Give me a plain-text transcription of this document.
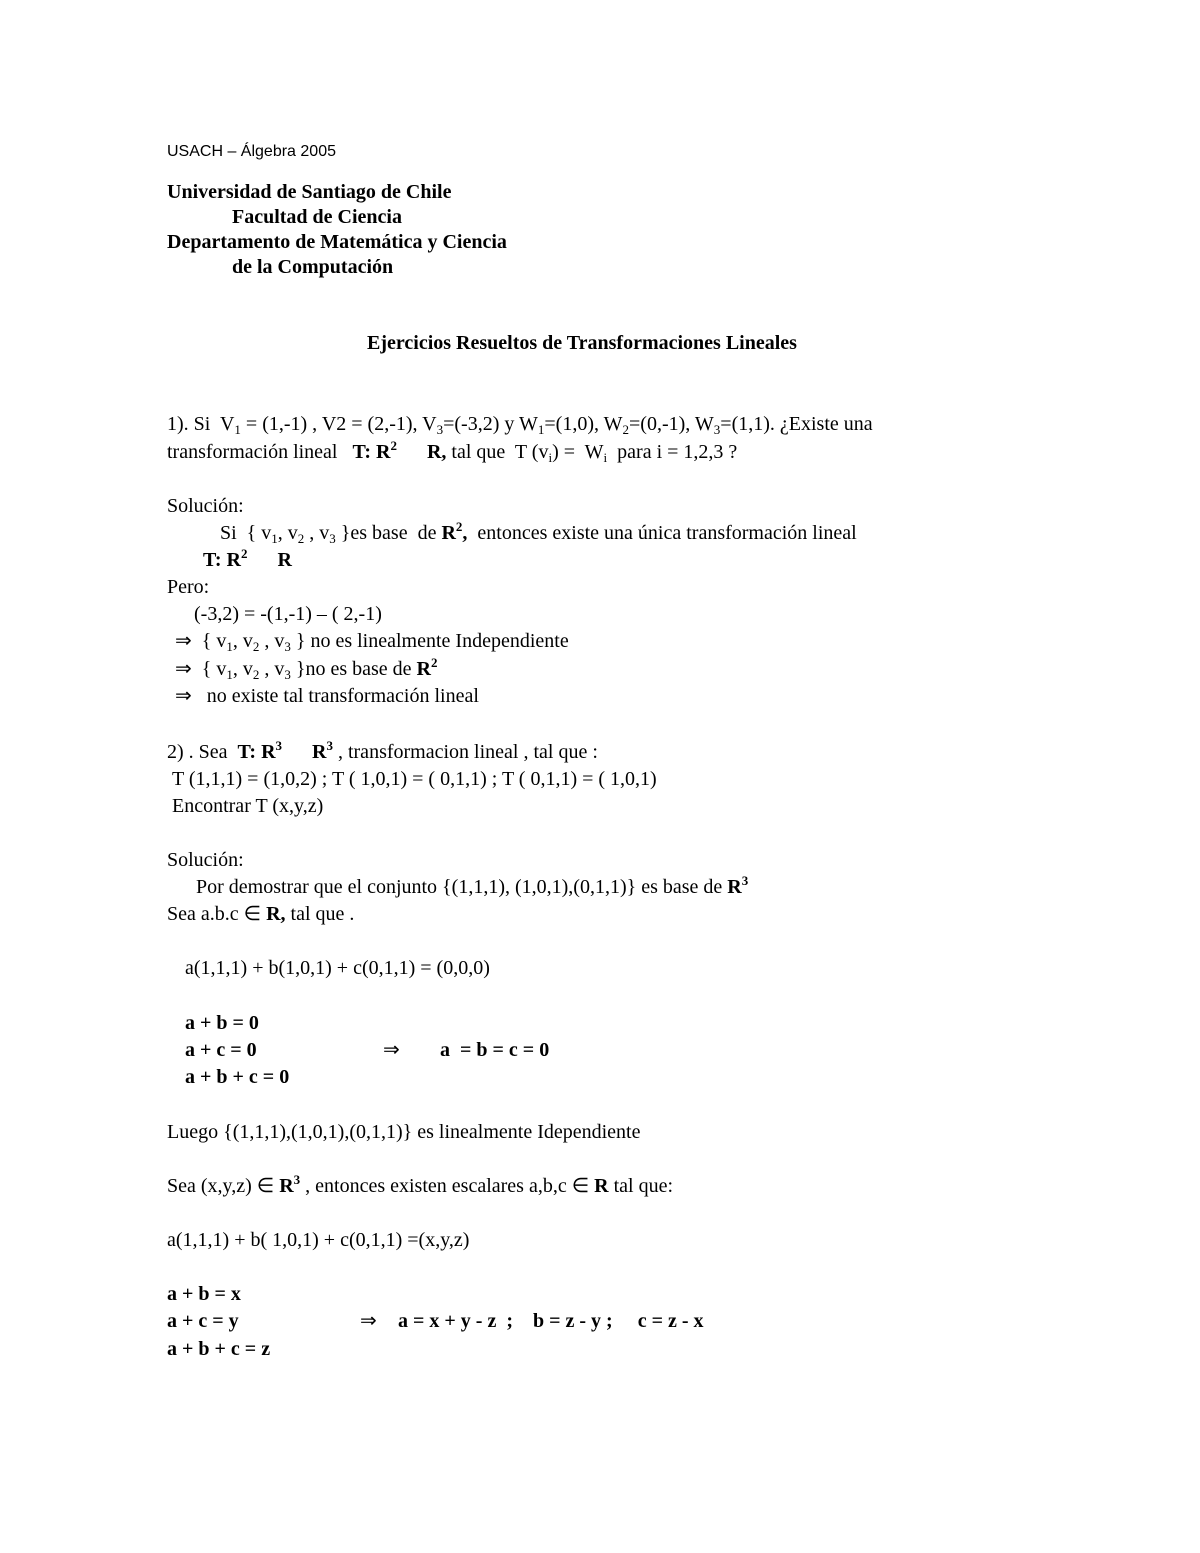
USACH – Álgebra 2005
Universidad de Santiago de Chile
Facultad de Ciencia
Departamento de Matemática y Ciencia
de la Computación
Ejercicios Resueltos de Transformaciones Lineales
1). Si  $V_1 = (1,-1)$ , V2 = (2,-1), $V_3=(-3,2)$ y $W_1=(1,0)$, $W_2=(0,-1)$, $W_3=(1,1)$. ¿Existe una
transformación lineal   T: $R^2$      R, tal que  T $(v_i) = W_i$  para i = 1,2,3 ?
Solución:
Si  { $v_1$, $v_2$ , $v_3$ }es base  de $R^2$,  entonces existe una única transformación lineal
T: $R^2$      R
Pero:
(-3,2) = -(1,-1) – ( 2,-1)
⇒  { $v_1$, $v_2$ , $v_3$ } no es linealmente Independiente
⇒  { $v_1$, $v_2$ , $v_3$ }no es base de $R^2$
⇒   no existe tal transformación lineal
2) . Sea  T: $R^3$      $R^3$ , transformacion lineal , tal que :
T (1,1,1) = (1,0,2) ; T ( 1,0,1) = ( 0,1,1) ; T ( 0,1,1) = ( 1,0,1)
Encontrar T (x,y,z)
Solución:
Por demostrar que el conjunto {(1,1,1), (1,0,1),(0,1,1)} es base de $R^3$
Sea a.b.c ∈ R, tal que .
a(1,1,1) + b(1,0,1) + c(0,1,1) = (0,0,0)
a + b = 0
a + c = 0
a + b + c = 0
⇒ a  = b = c = 0
Luego {(1,1,1),(1,0,1),(0,1,1)} es linealmente Idependiente
Sea (x,y,z) ∈ $R^3$ , entonces existen escalares a,b,c ∈ R tal que:
a(1,1,1) + b( 1,0,1) + c(0,1,1) =(x,y,z)
a + b = x
a + c = y
a + b + c = z
⇒ a = x + y - z  ;    b = z - y ;     c = z - x
